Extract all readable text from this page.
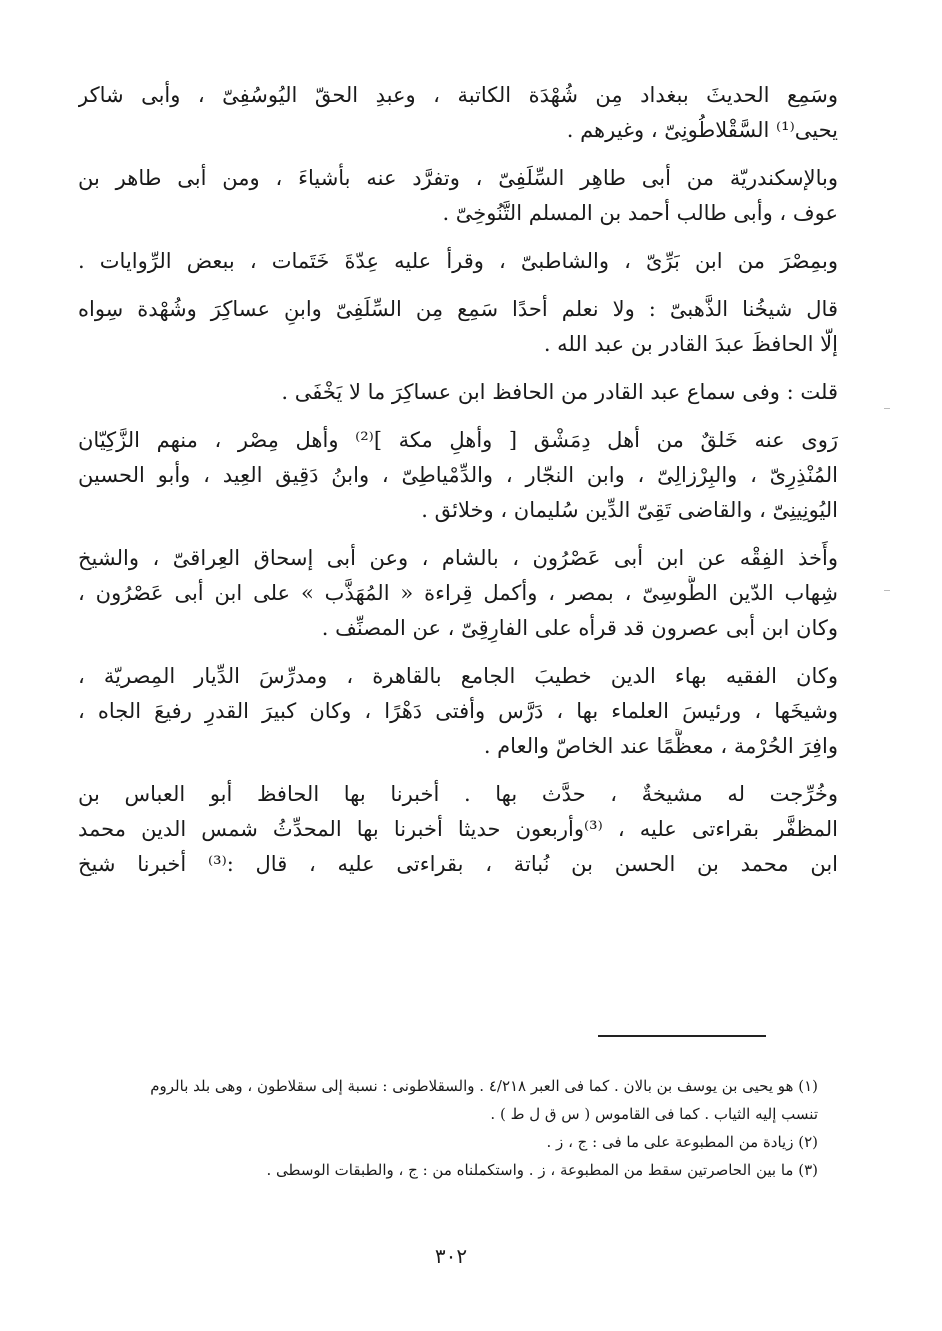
وسَمِع الحديثَ ببغداد مِن شُهْدَة الكاتبة ، وعبدِ الحقّ اليُوسُفِىّ ، وأبى شاكر
يحيى⁽¹⁾ السَّقْلاطُونِىّ ، وغيرهم .

وبالإسكندريّة من أبى طاهِر السِّلَفِىّ ، وتفرَّد عنه بأشياءَ ، ومن أبى طاهر بن
عوف ، وأبى طالب أحمد بن المسلم التَّنُوخِىّ .

وبمِصْرَ من ابن بَرِّىّ ، والشاطبىّ ، وقرأ عليه عِدّةَ خَتَمات ، ببعض الرِّوايات .

قال شيخُنا الذَّهبىّ : ولا نعلم أحدًا سَمِع مِن السِّلَفِىّ وابنِ عساكِرَ وشُهْدة سِواه
إلّا الحافظَ عبدَ القادر بن عبد الله .

قلت : وفى سماع عبد القادر من الحافظ ابن عساكِرَ ما لا يَخْفَى .

رَوى عنه خَلقٌ من أهل دِمَشْق [ وأهلِ مكة ]⁽²⁾ وأهل مِصْر ، منهم الزَّكِيّان
المُنْذِرِىّ ، والبِرْزالِىّ ، وابن النجّار ، والدِّمْياطِىّ ، وابنُ دَقِيق العِيد ، وأبو الحسين
اليُونِينِىّ ، والقاضى تَقِىّ الدِّين سُليمان ، وخلائق .

وأَخذ الفِقْه عن ابن أبى عَصْرُون ، بالشام ، وعن أبى إسحاق العِراقىّ ، والشيخ
شِهاب الدّين الطُّوسِىّ ، بمصر ، وأكمل قِراءة « المُهَذَّب » على ابن أبى عَصْرُون ،
وكان ابن أبى عصرون قد قرأه على الفارِقِىّ ، عن المصنِّف .

وكان الفقيه بهاء الدين خطيبَ الجامع بالقاهرة ، ومدرِّسَ الدِّيار المِصريّة ،
وشيخَها ، ورئيسَ العلماء بها ، دَرَّس وأفتى دَهْرًا ، وكان كبيرَ القدرِ رفيعَ الجاه ،
وافِرَ الحُرْمة ، معظَّمًا عند الخاصّ والعام .

وخُرِّجت له مشيخةٌ ، حدَّث بها . أخبرنا بها الحافظ أبو العباس بن
المظفَّر بقراءتى عليه ، ⁽³⁾وأربعون حديثا أخبرنا بها المحدِّثُ شمس الدين محمد
ابن محمد بن الحسن بن نُباتة ، بقراءتى عليه ، قال :⁽³⁾ أخبرنا شيخ

(١) هو يحيى بن يوسف بن بالان . كما فى العبر ٤/٢١٨ . والسقلاطونى : نسبة إلى سقلاطون ، وهى بلد بالروم
تنسب إليه الثياب . كما فى القاموس ( س ق ل ط ) .

(٢) زيادة من المطبوعة على ما فى : ج ، ز .

(٣) ما بين الحاصرتين سقط من المطبوعة ، ز . واستكملناه من : ج ، والطبقات الوسطى .

٣٠٢
